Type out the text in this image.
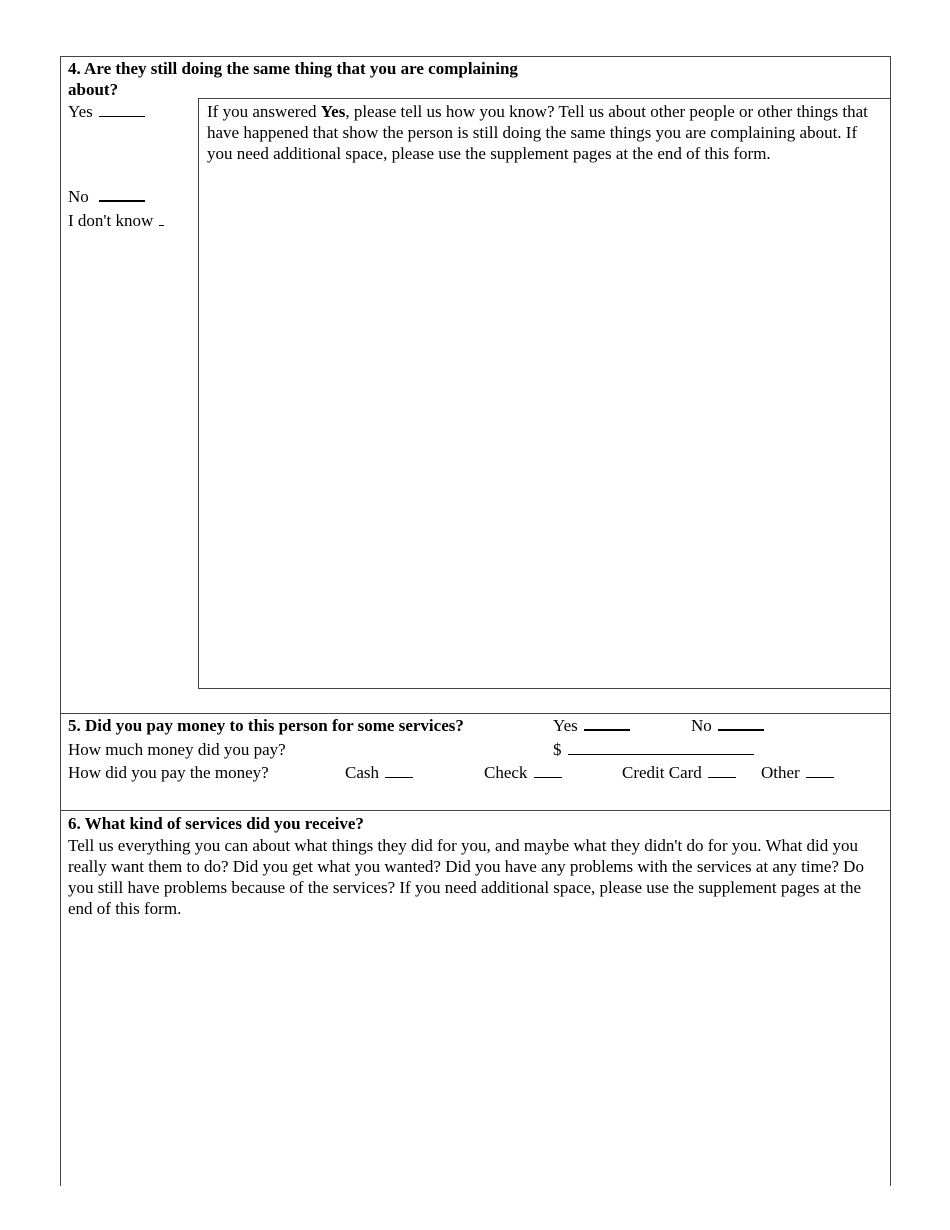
4. Are they still doing the same thing that you are complaining
about?
Yes
No
I don't know
If you answered Yes, please tell us how you know? Tell us about other people or other things that have happened that show the person is still doing the same things you are complaining about. If you need additional space, please use the supplement pages at the end of this form.
5. Did you pay money to this person for some services?	Yes	No
How much money did you pay?	$
How did you pay the money?	Cash	Check	Credit Card	Other
6. What kind of services did you receive?
Tell us everything you can about what things they did for you, and maybe what they didn't do for you. What did you really want them to do? Did you get what you wanted? Did you have any problems with the services at any time? Do you still have problems because of the services? If you need additional space, please use the supplement pages at the end of this form.
